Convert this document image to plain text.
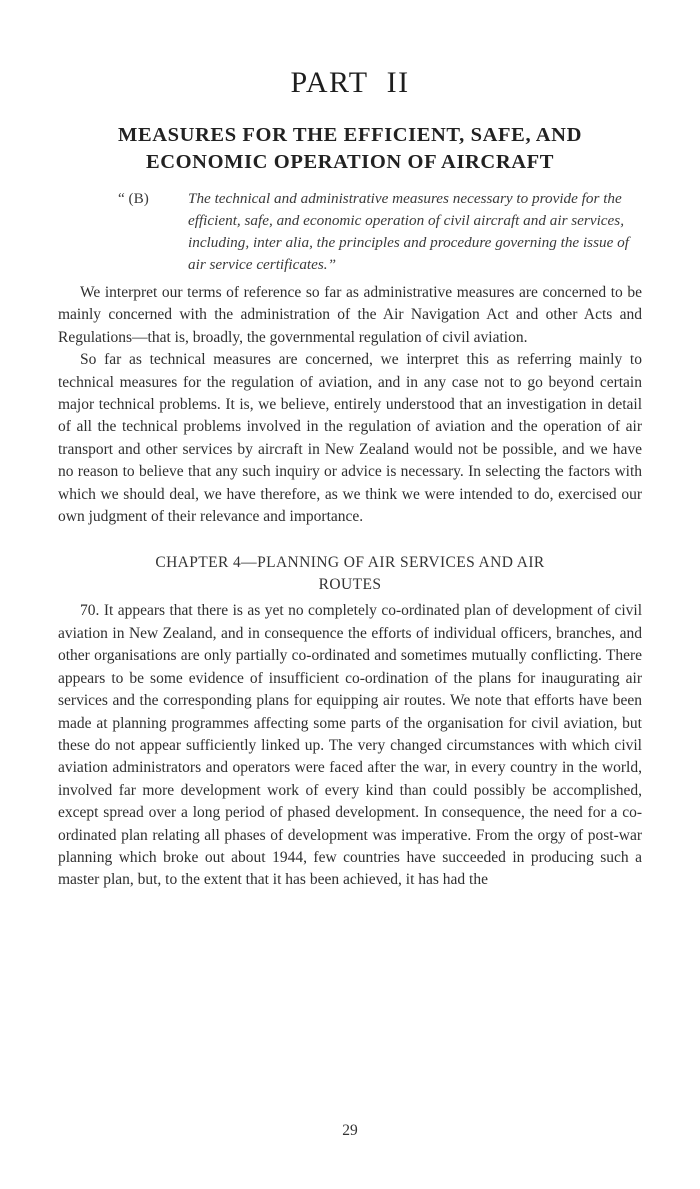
PART II
MEASURES FOR THE EFFICIENT, SAFE, AND
ECONOMIC OPERATION OF AIRCRAFT
“ (B)	The technical and administrative measures necessary to provide for the efficient, safe, and economic operation of civil aircraft and air services, including, inter alia, the principles and procedure governing the issue of air service certificates.”

We interpret our terms of reference so far as administrative measures are concerned to be mainly concerned with the administration of the Air Navigation Act and other Acts and Regulations—that is, broadly, the governmental regulation of civil aviation.

So far as technical measures are concerned, we interpret this as referring mainly to technical measures for the regulation of aviation, and in any case not to go beyond certain major technical problems. It is, we believe, entirely understood that an investigation in detail of all the technical problems involved in the regulation of aviation and the operation of air transport and other services by aircraft in New Zealand would not be possible, and we have no reason to believe that any such inquiry or advice is necessary. In selecting the factors with which we should deal, we have therefore, as we think we were intended to do, exercised our own judgment of their relevance and importance.

CHAPTER 4—PLANNING OF AIR SERVICES AND AIR
ROUTES

70. It appears that there is as yet no completely co-ordinated plan of development of civil aviation in New Zealand, and in consequence the efforts of individual officers, branches, and other organisations are only partially co-ordinated and sometimes mutually conflicting. There appears to be some evidence of insufficient co-ordination of the plans for inaugurating air services and the corresponding plans for equipping air routes. We note that efforts have been made at planning programmes affecting some parts of the organisation for civil aviation, but these do not appear sufficiently linked up. The very changed circumstances with which civil aviation administrators and operators were faced after the war, in every country in the world, involved far more development work of every kind than could possibly be accomplished, except spread over a long period of phased development. In consequence, the need for a co-ordinated plan relating all phases of development was imperative. From the orgy of post-war planning which broke out about 1944, few countries have succeeded in producing such a master plan, but, to the extent that it has been achieved, it has had the

29
